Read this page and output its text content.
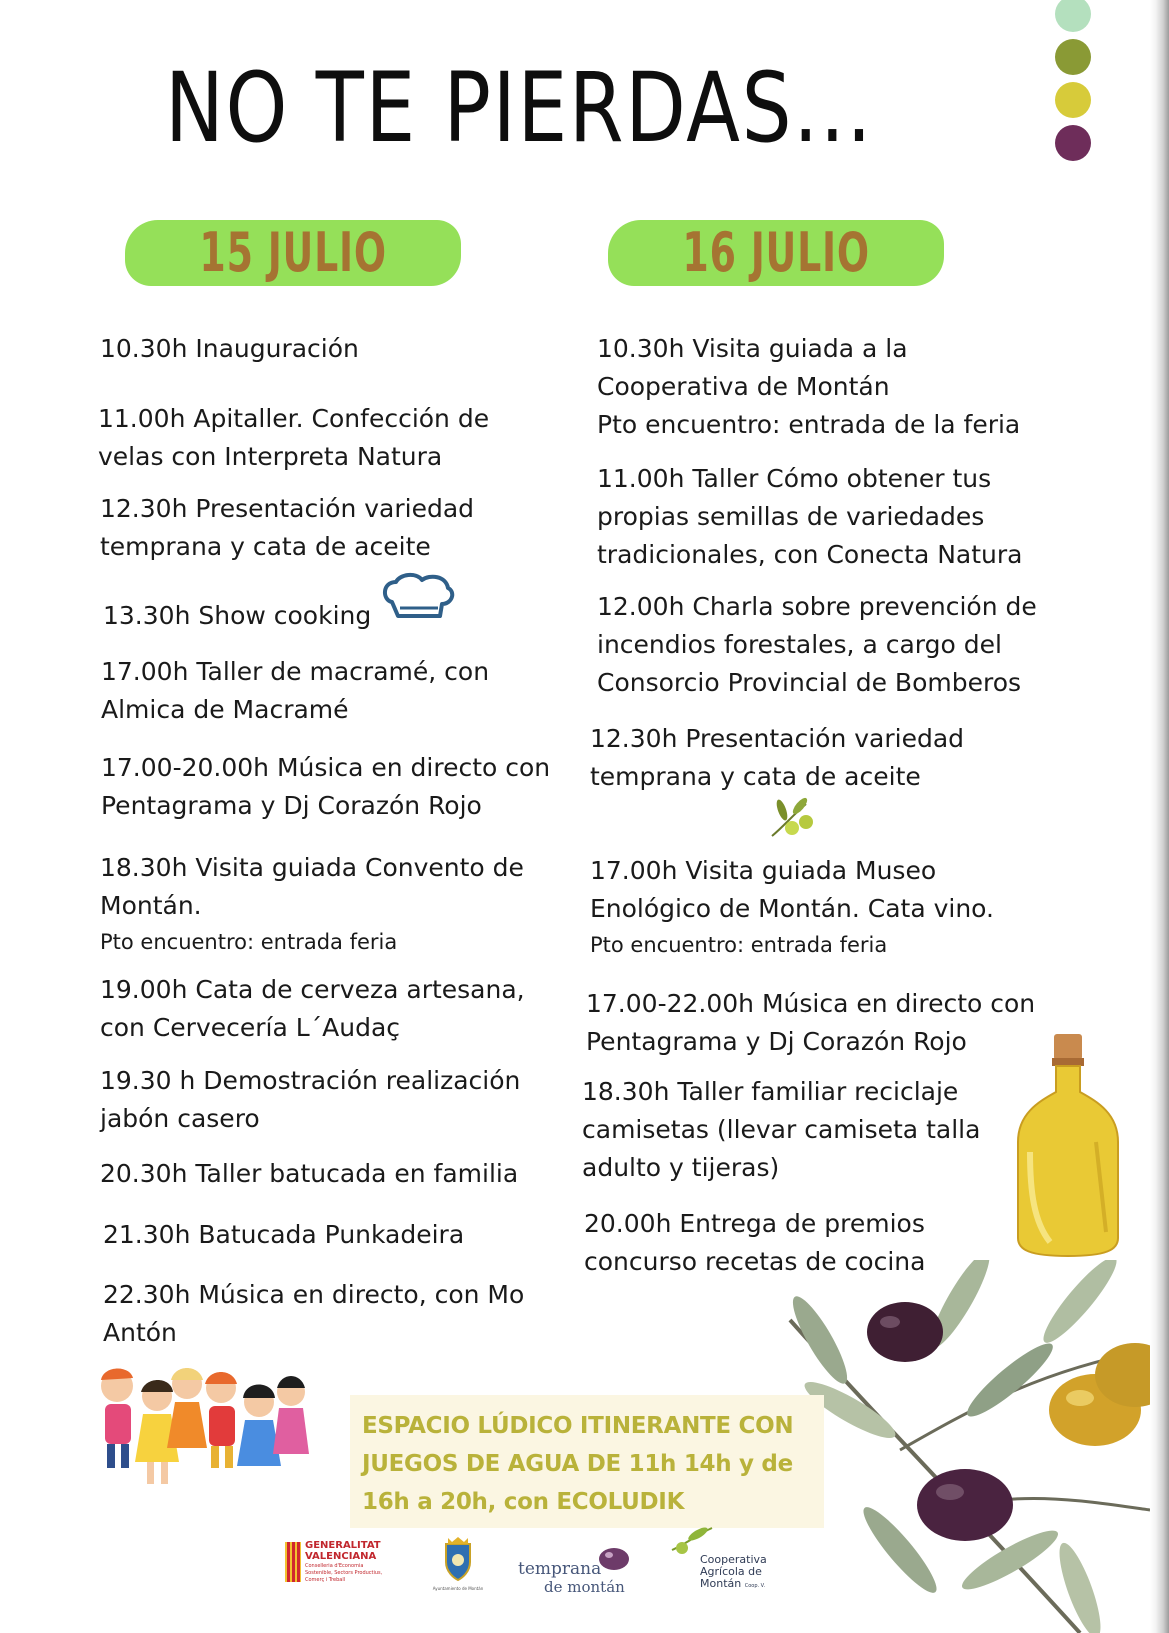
NO TE PIERDAS...
15 JULIO	16 JULIO
10.30h Inauguración
11.00h Apitaller. Confección de
velas con Interpreta Natura
12.30h Presentación variedad
temprana y cata de aceite
13.30h Show cooking
17.00h Taller de macramé, con
Almica de Macramé
17.00-20.00h Música en directo con
Pentagrama y Dj Corazón Rojo
18.30h Visita guiada Convento de
Montán.
Pto encuentro: entrada feria
19.00h Cata de cerveza artesana,
con Cervecería L´Audaç
19.30 h Demostración realización
jabón casero
20.30h Taller batucada en familia
21.30h Batucada Punkadeira
22.30h Música en directo, con Mo
Antón
10.30h Visita guiada a la
Cooperativa de Montán
Pto encuentro: entrada de la feria
11.00h Taller Cómo obtener tus
propias semillas de variedades
tradicionales, con Conecta Natura
12.00h Charla sobre prevención de
incendios forestales, a cargo del
Consorcio Provincial de Bomberos
12.30h Presentación variedad
temprana y cata de aceite
17.00h Visita guiada Museo
Enológico de Montán. Cata vino.
Pto encuentro: entrada feria
17.00-22.00h Música en directo con
Pentagrama y Dj Corazón Rojo
18.30h Taller familiar reciclaje
camisetas (llevar camiseta talla
adulto y tijeras)
20.00h Entrega de premios
concurso recetas de cocina

ESPACIO LÚDICO ITINERANTE CON
JUEGOS DE AGUA DE 11h 14h y de
16h a 20h, con ECOLUDIK

GENERALITAT
VALENCIANA
Conselleria d'Economia
Sostenible, Sectors Productius,
Comerç i Treball
Ayuntamiento de Montán
temprana
de montán
Cooperativa
Agrícola de
Montán Coop. V.
